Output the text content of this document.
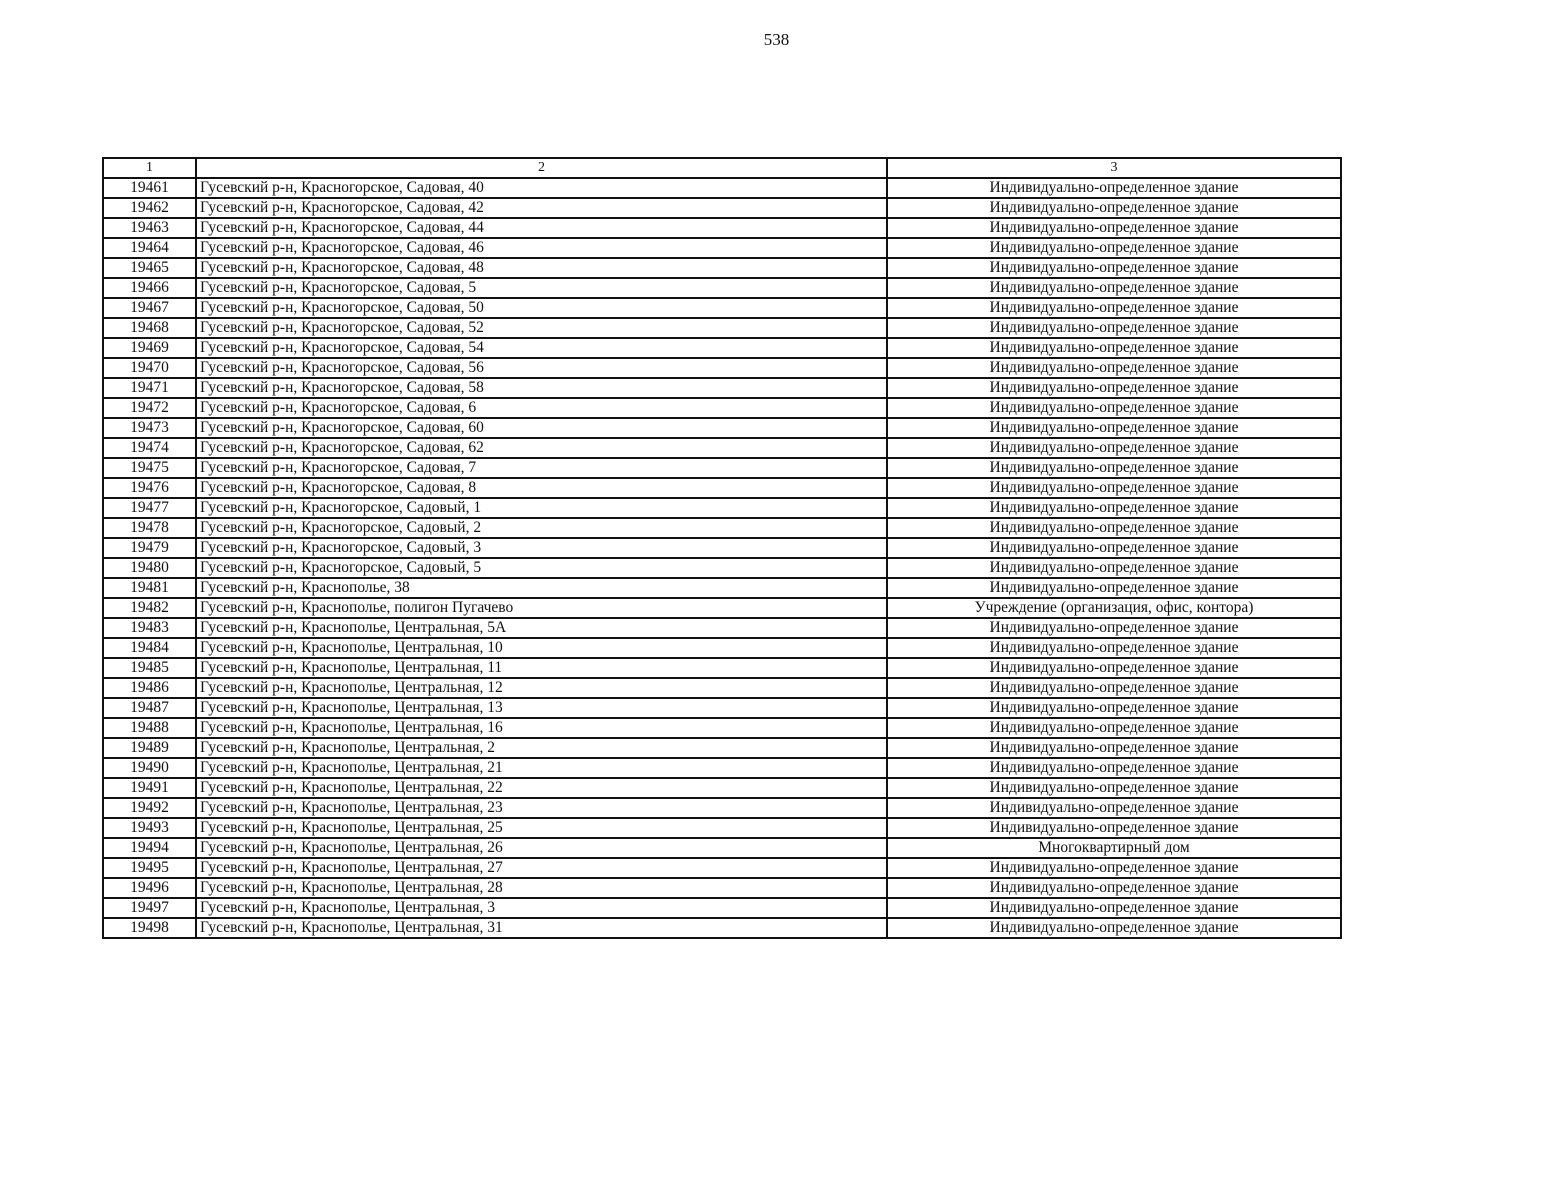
538
1	2	3
19461	Гусевский р-н, Красногорское, Садовая, 40	Индивидуально-определенное здание
19462	Гусевский р-н, Красногорское, Садовая, 42	Индивидуально-определенное здание
19463	Гусевский р-н, Красногорское, Садовая, 44	Индивидуально-определенное здание
19464	Гусевский р-н, Красногорское, Садовая, 46	Индивидуально-определенное здание
19465	Гусевский р-н, Красногорское, Садовая, 48	Индивидуально-определенное здание
19466	Гусевский р-н, Красногорское, Садовая, 5	Индивидуально-определенное здание
19467	Гусевский р-н, Красногорское, Садовая, 50	Индивидуально-определенное здание
19468	Гусевский р-н, Красногорское, Садовая, 52	Индивидуально-определенное здание
19469	Гусевский р-н, Красногорское, Садовая, 54	Индивидуально-определенное здание
19470	Гусевский р-н, Красногорское, Садовая, 56	Индивидуально-определенное здание
19471	Гусевский р-н, Красногорское, Садовая, 58	Индивидуально-определенное здание
19472	Гусевский р-н, Красногорское, Садовая, 6	Индивидуально-определенное здание
19473	Гусевский р-н, Красногорское, Садовая, 60	Индивидуально-определенное здание
19474	Гусевский р-н, Красногорское, Садовая, 62	Индивидуально-определенное здание
19475	Гусевский р-н, Красногорское, Садовая, 7	Индивидуально-определенное здание
19476	Гусевский р-н, Красногорское, Садовая, 8	Индивидуально-определенное здание
19477	Гусевский р-н, Красногорское, Садовый, 1	Индивидуально-определенное здание
19478	Гусевский р-н, Красногорское, Садовый, 2	Индивидуально-определенное здание
19479	Гусевский р-н, Красногорское, Садовый, 3	Индивидуально-определенное здание
19480	Гусевский р-н, Красногорское, Садовый, 5	Индивидуально-определенное здание
19481	Гусевский р-н, Краснополье, 38	Индивидуально-определенное здание
19482	Гусевский р-н, Краснополье, полигон Пугачево	Учреждение (организация, офис, контора)
19483	Гусевский р-н, Краснополье, Центральная, 5А	Индивидуально-определенное здание
19484	Гусевский р-н, Краснополье, Центральная, 10	Индивидуально-определенное здание
19485	Гусевский р-н, Краснополье, Центральная, 11	Индивидуально-определенное здание
19486	Гусевский р-н, Краснополье, Центральная, 12	Индивидуально-определенное здание
19487	Гусевский р-н, Краснополье, Центральная, 13	Индивидуально-определенное здание
19488	Гусевский р-н, Краснополье, Центральная, 16	Индивидуально-определенное здание
19489	Гусевский р-н, Краснополье, Центральная, 2	Индивидуально-определенное здание
19490	Гусевский р-н, Краснополье, Центральная, 21	Индивидуально-определенное здание
19491	Гусевский р-н, Краснополье, Центральная, 22	Индивидуально-определенное здание
19492	Гусевский р-н, Краснополье, Центральная, 23	Индивидуально-определенное здание
19493	Гусевский р-н, Краснополье, Центральная, 25	Индивидуально-определенное здание
19494	Гусевский р-н, Краснополье, Центральная, 26	Многоквартирный дом
19495	Гусевский р-н, Краснополье, Центральная, 27	Индивидуально-определенное здание
19496	Гусевский р-н, Краснополье, Центральная, 28	Индивидуально-определенное здание
19497	Гусевский р-н, Краснополье, Центральная, 3	Индивидуально-определенное здание
19498	Гусевский р-н, Краснополье, Центральная, 31	Индивидуально-определенное здание
